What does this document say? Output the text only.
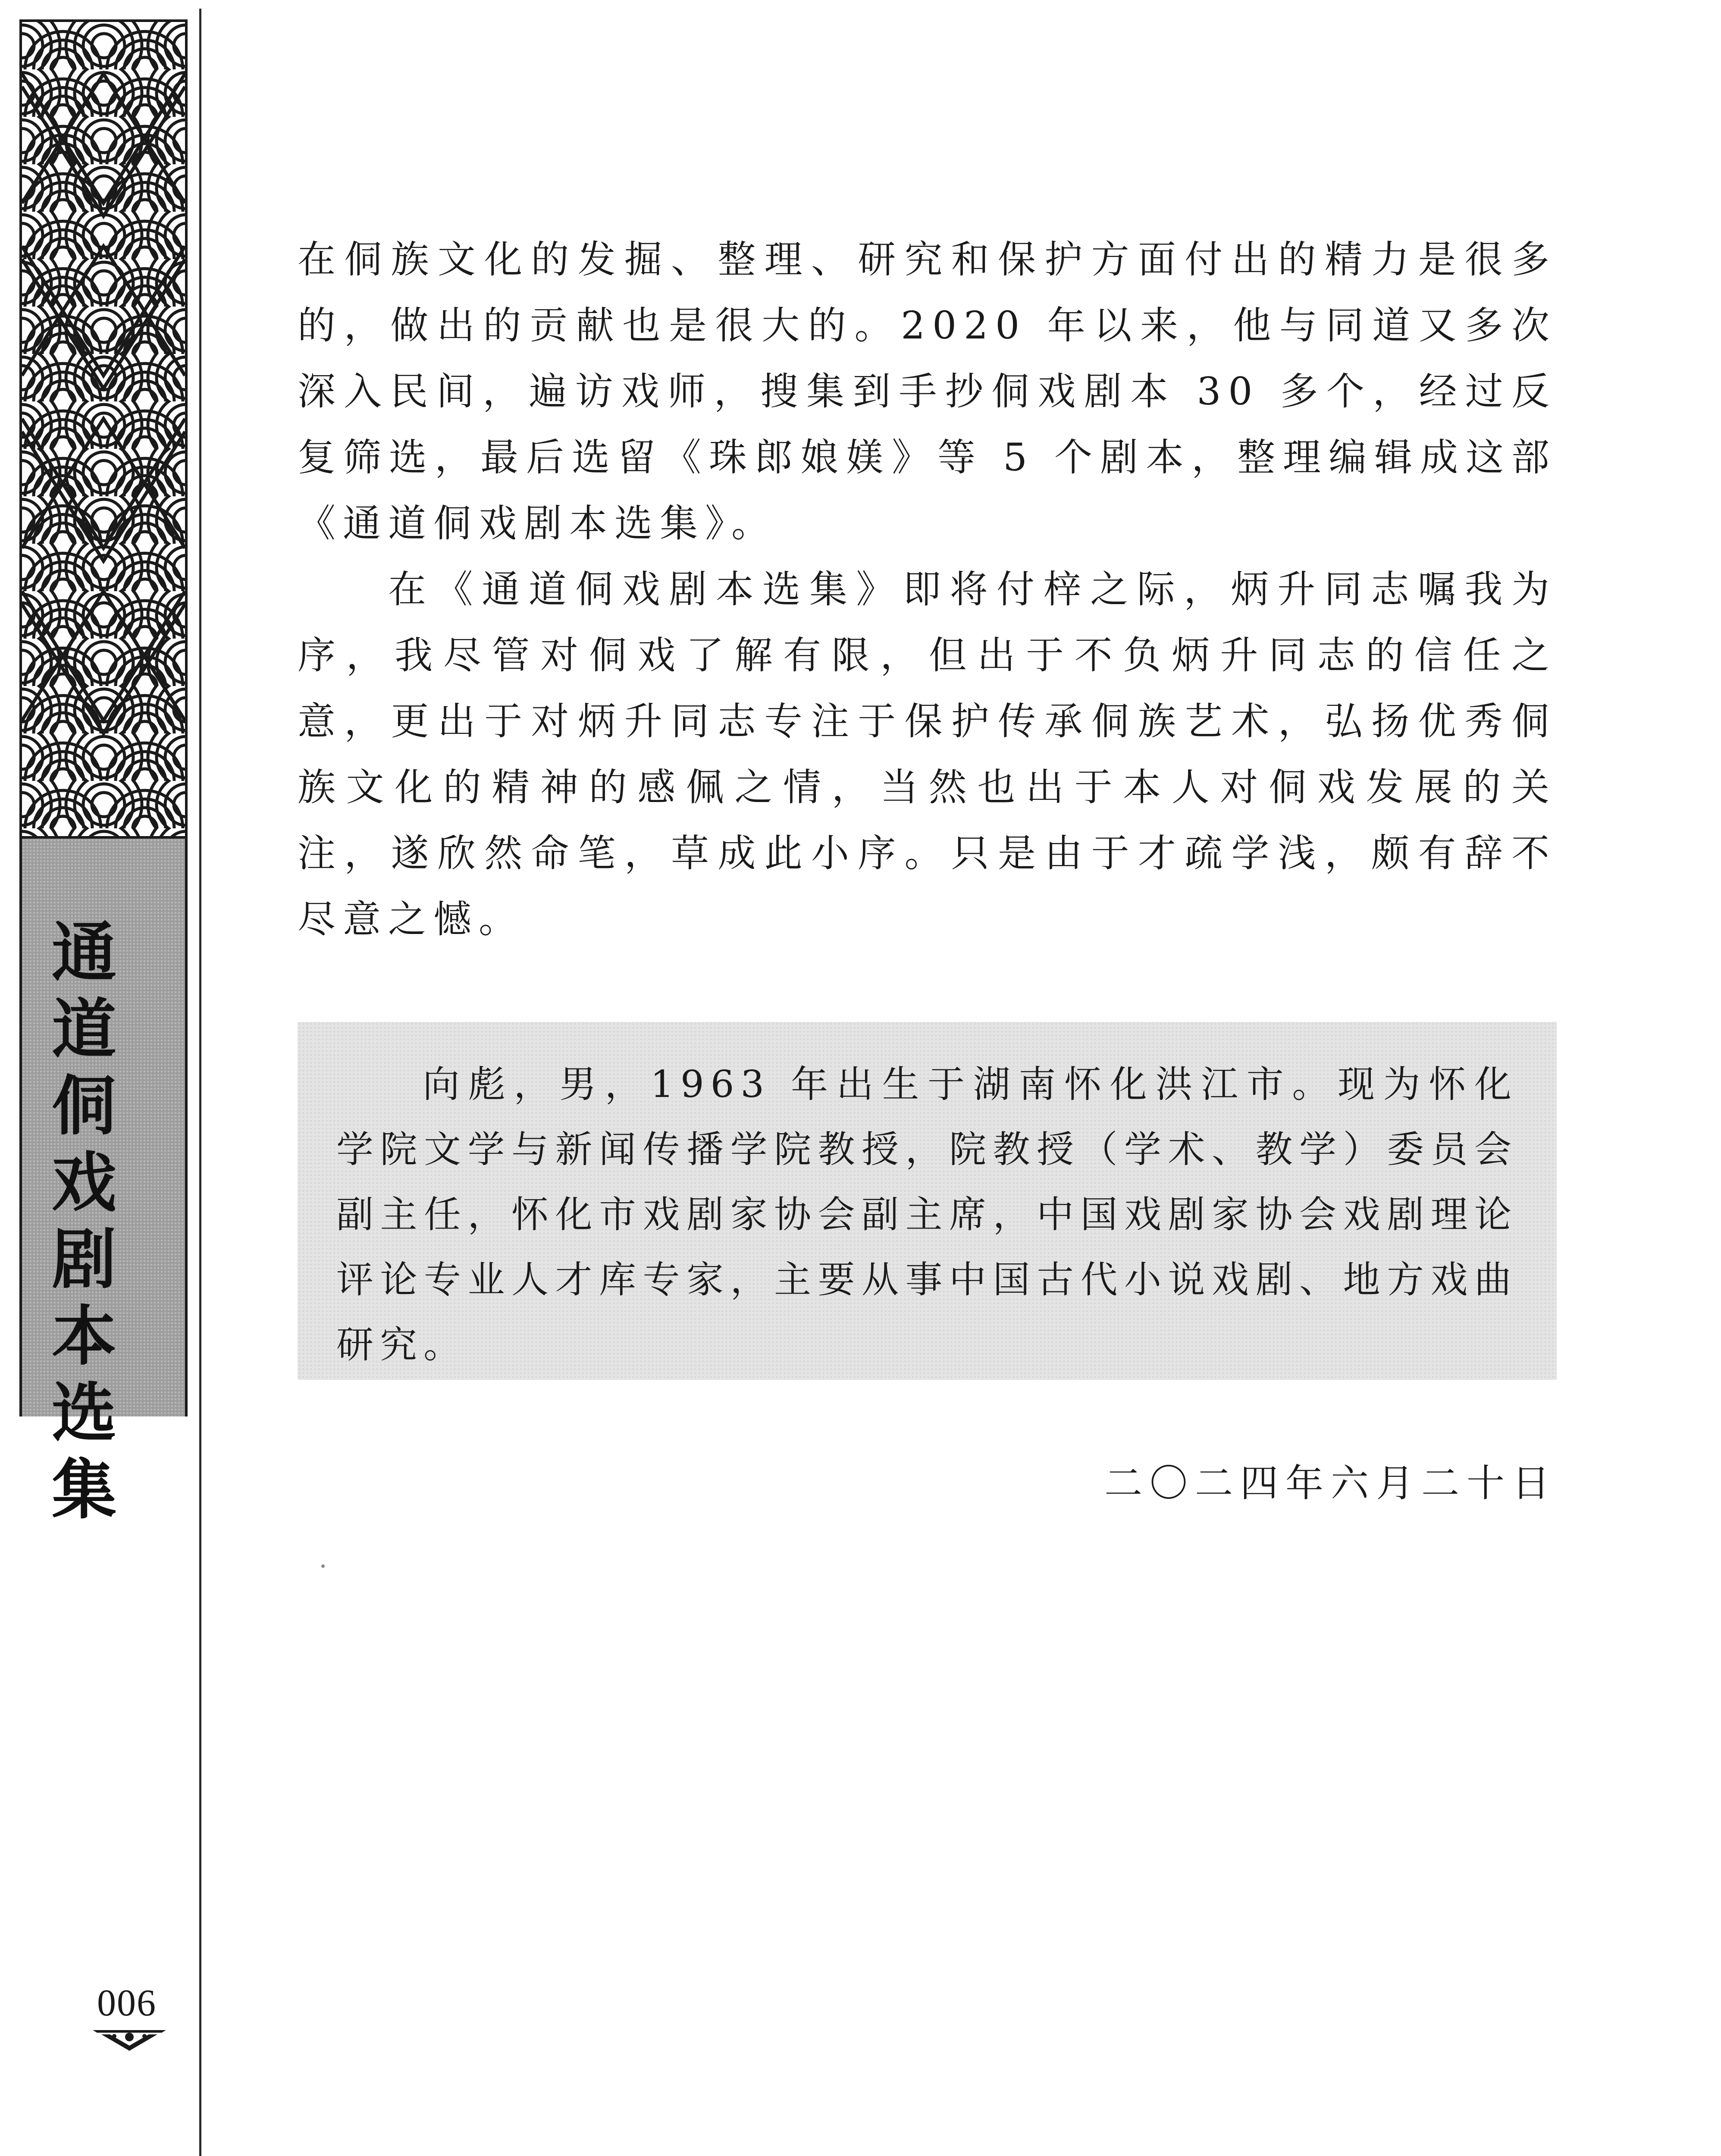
通
道
侗
戏
剧
本
选
集
006

在侗族文化的发掘、整理、研究和保护方面付出的精力是很多的，做出的贡献也是很大的。2020 年以来，他与同道又多次深入民间，遍访戏师，搜集到手抄侗戏剧本 30 多个，经过反复筛选，最后选留《珠郎娘媄》等 5 个剧本，整理编辑成这部《通道侗戏剧本选集》。

在《通道侗戏剧本选集》即将付梓之际，炳升同志嘱我为序，我尽管对侗戏了解有限，但出于不负炳升同志的信任之意，更出于对炳升同志专注于保护传承侗族艺术，弘扬优秀侗族文化的精神的感佩之情，当然也出于本人对侗戏发展的关注，遂欣然命笔，草成此小序。只是由于才疏学浅，颇有辞不尽意之憾。

向彪，男，1963 年出生于湖南怀化洪江市。现为怀化学院文学与新闻传播学院教授，院教授（学术、教学）委员会副主任，怀化市戏剧家协会副主席，中国戏剧家协会戏剧理论评论专业人才库专家，主要从事中国古代小说戏剧、地方戏曲研究。

二〇二四年六月二十日
